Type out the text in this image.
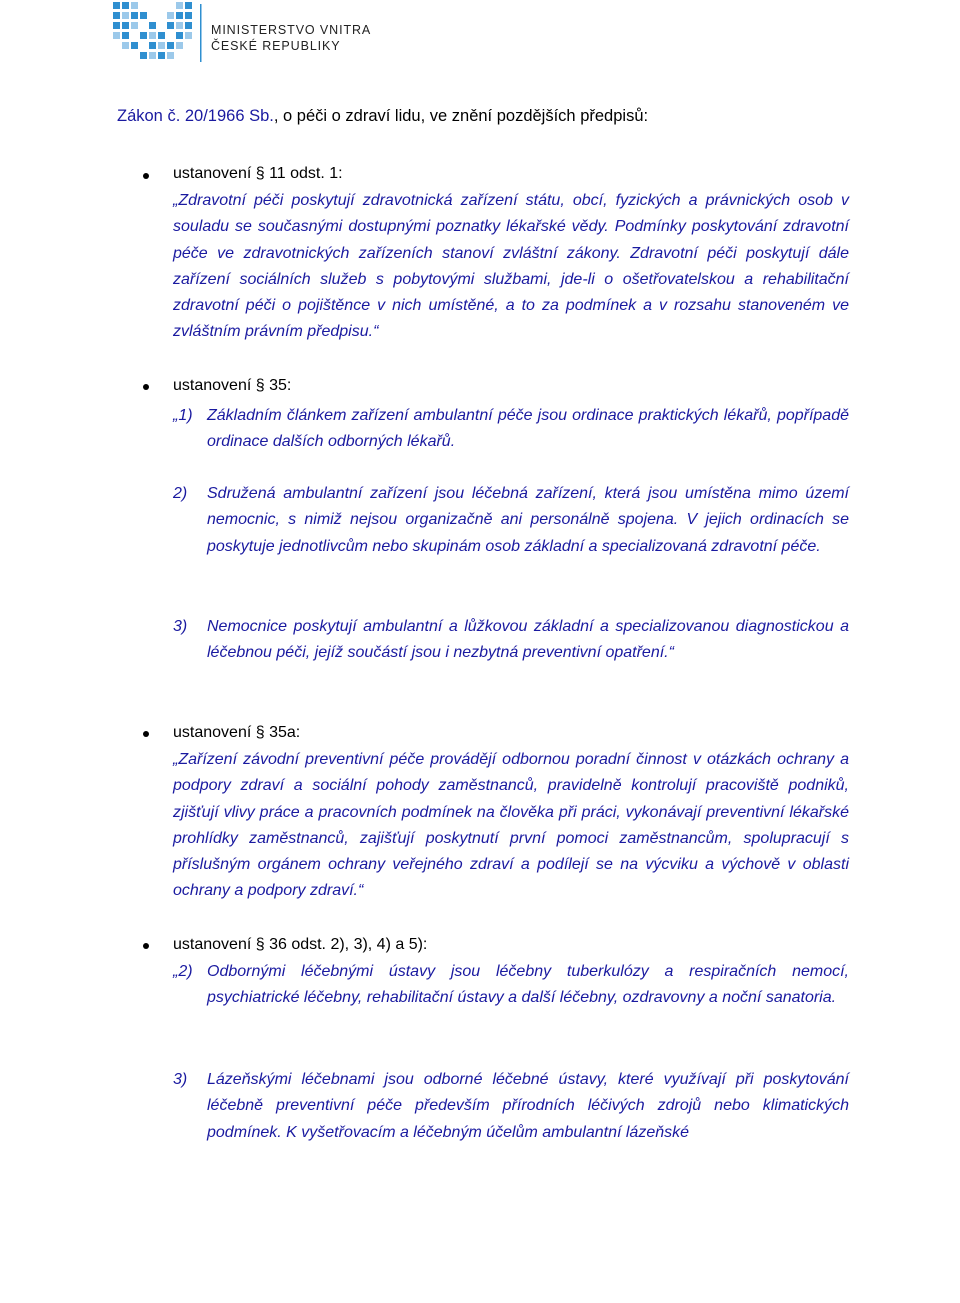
MINISTERSTVO VNITRA
ČESKÉ REPUBLIKY
Zákon č. 20/1966 Sb., o péči o zdraví lidu, ve znění pozdějších předpisů:
ustanovení § 11 odst. 1:
„Zdravotní péči poskytují zdravotnická zařízení státu, obcí, fyzických a právnických osob v souladu se současnými dostupnými poznatky lékařské vědy. Podmínky poskytování zdravotní péče ve zdravotnických zařízeních stanoví zvláštní zákony. Zdravotní péči poskytují dále zařízení sociálních služeb s pobytovými službami, jde-li o ošetřovatelskou a rehabilitační zdravotní péči o pojištěnce v nich umístěné, a to za podmínek a v rozsahu stanoveném ve zvláštním právním předpisu.“
ustanovení § 35:
„1) Základním článkem zařízení ambulantní péče jsou ordinace praktických lékařů, popřípadě ordinace dalších odborných lékařů.
2)	Sdružená ambulantní zařízení jsou léčebná zařízení, která jsou umístěna mimo území nemocnic, s nimiž nejsou organizačně ani personálně spojena. V jejich ordinacích se poskytuje jednotlivcům nebo skupinám osob základní a specializovaná zdravotní péče.
3)	Nemocnice poskytují ambulantní a lůžkovou základní a specializovanou diagnostickou a léčebnou péči, jejíž součástí jsou i nezbytná preventivní opatření.“
ustanovení § 35a:
„Zařízení závodní preventivní péče provádějí odbornou poradní činnost v otázkách ochrany a podpory zdraví a sociální pohody zaměstnanců, pravidelně kontrolují pracoviště podniků, zjišťují vlivy práce a pracovních podmínek na člověka při práci, vykonávají preventivní lékařské prohlídky zaměstnanců, zajišťují poskytnutí první pomoci zaměstnancům, spolupracují s příslušným orgánem ochrany veřejného zdraví a podílejí se na výcviku a výchově v oblasti ochrany a podpory zdraví.“
ustanovení § 36 odst. 2), 3), 4) a 5):
„2) Odbornými léčebnými ústavy jsou léčebny tuberkulózy a respiračních nemocí, psychiatrické léčebny, rehabilitační ústavy a další léčebny, ozdravovny a noční sanatoria.
3)	Lázeňskými léčebnami jsou odborné léčebné ústavy, které využívají při poskytování léčebně preventivní péče především přírodních léčivých zdrojů nebo klimatických podmínek. K vyšetřovacím a léčebným účelům ambulantní lázeňské
